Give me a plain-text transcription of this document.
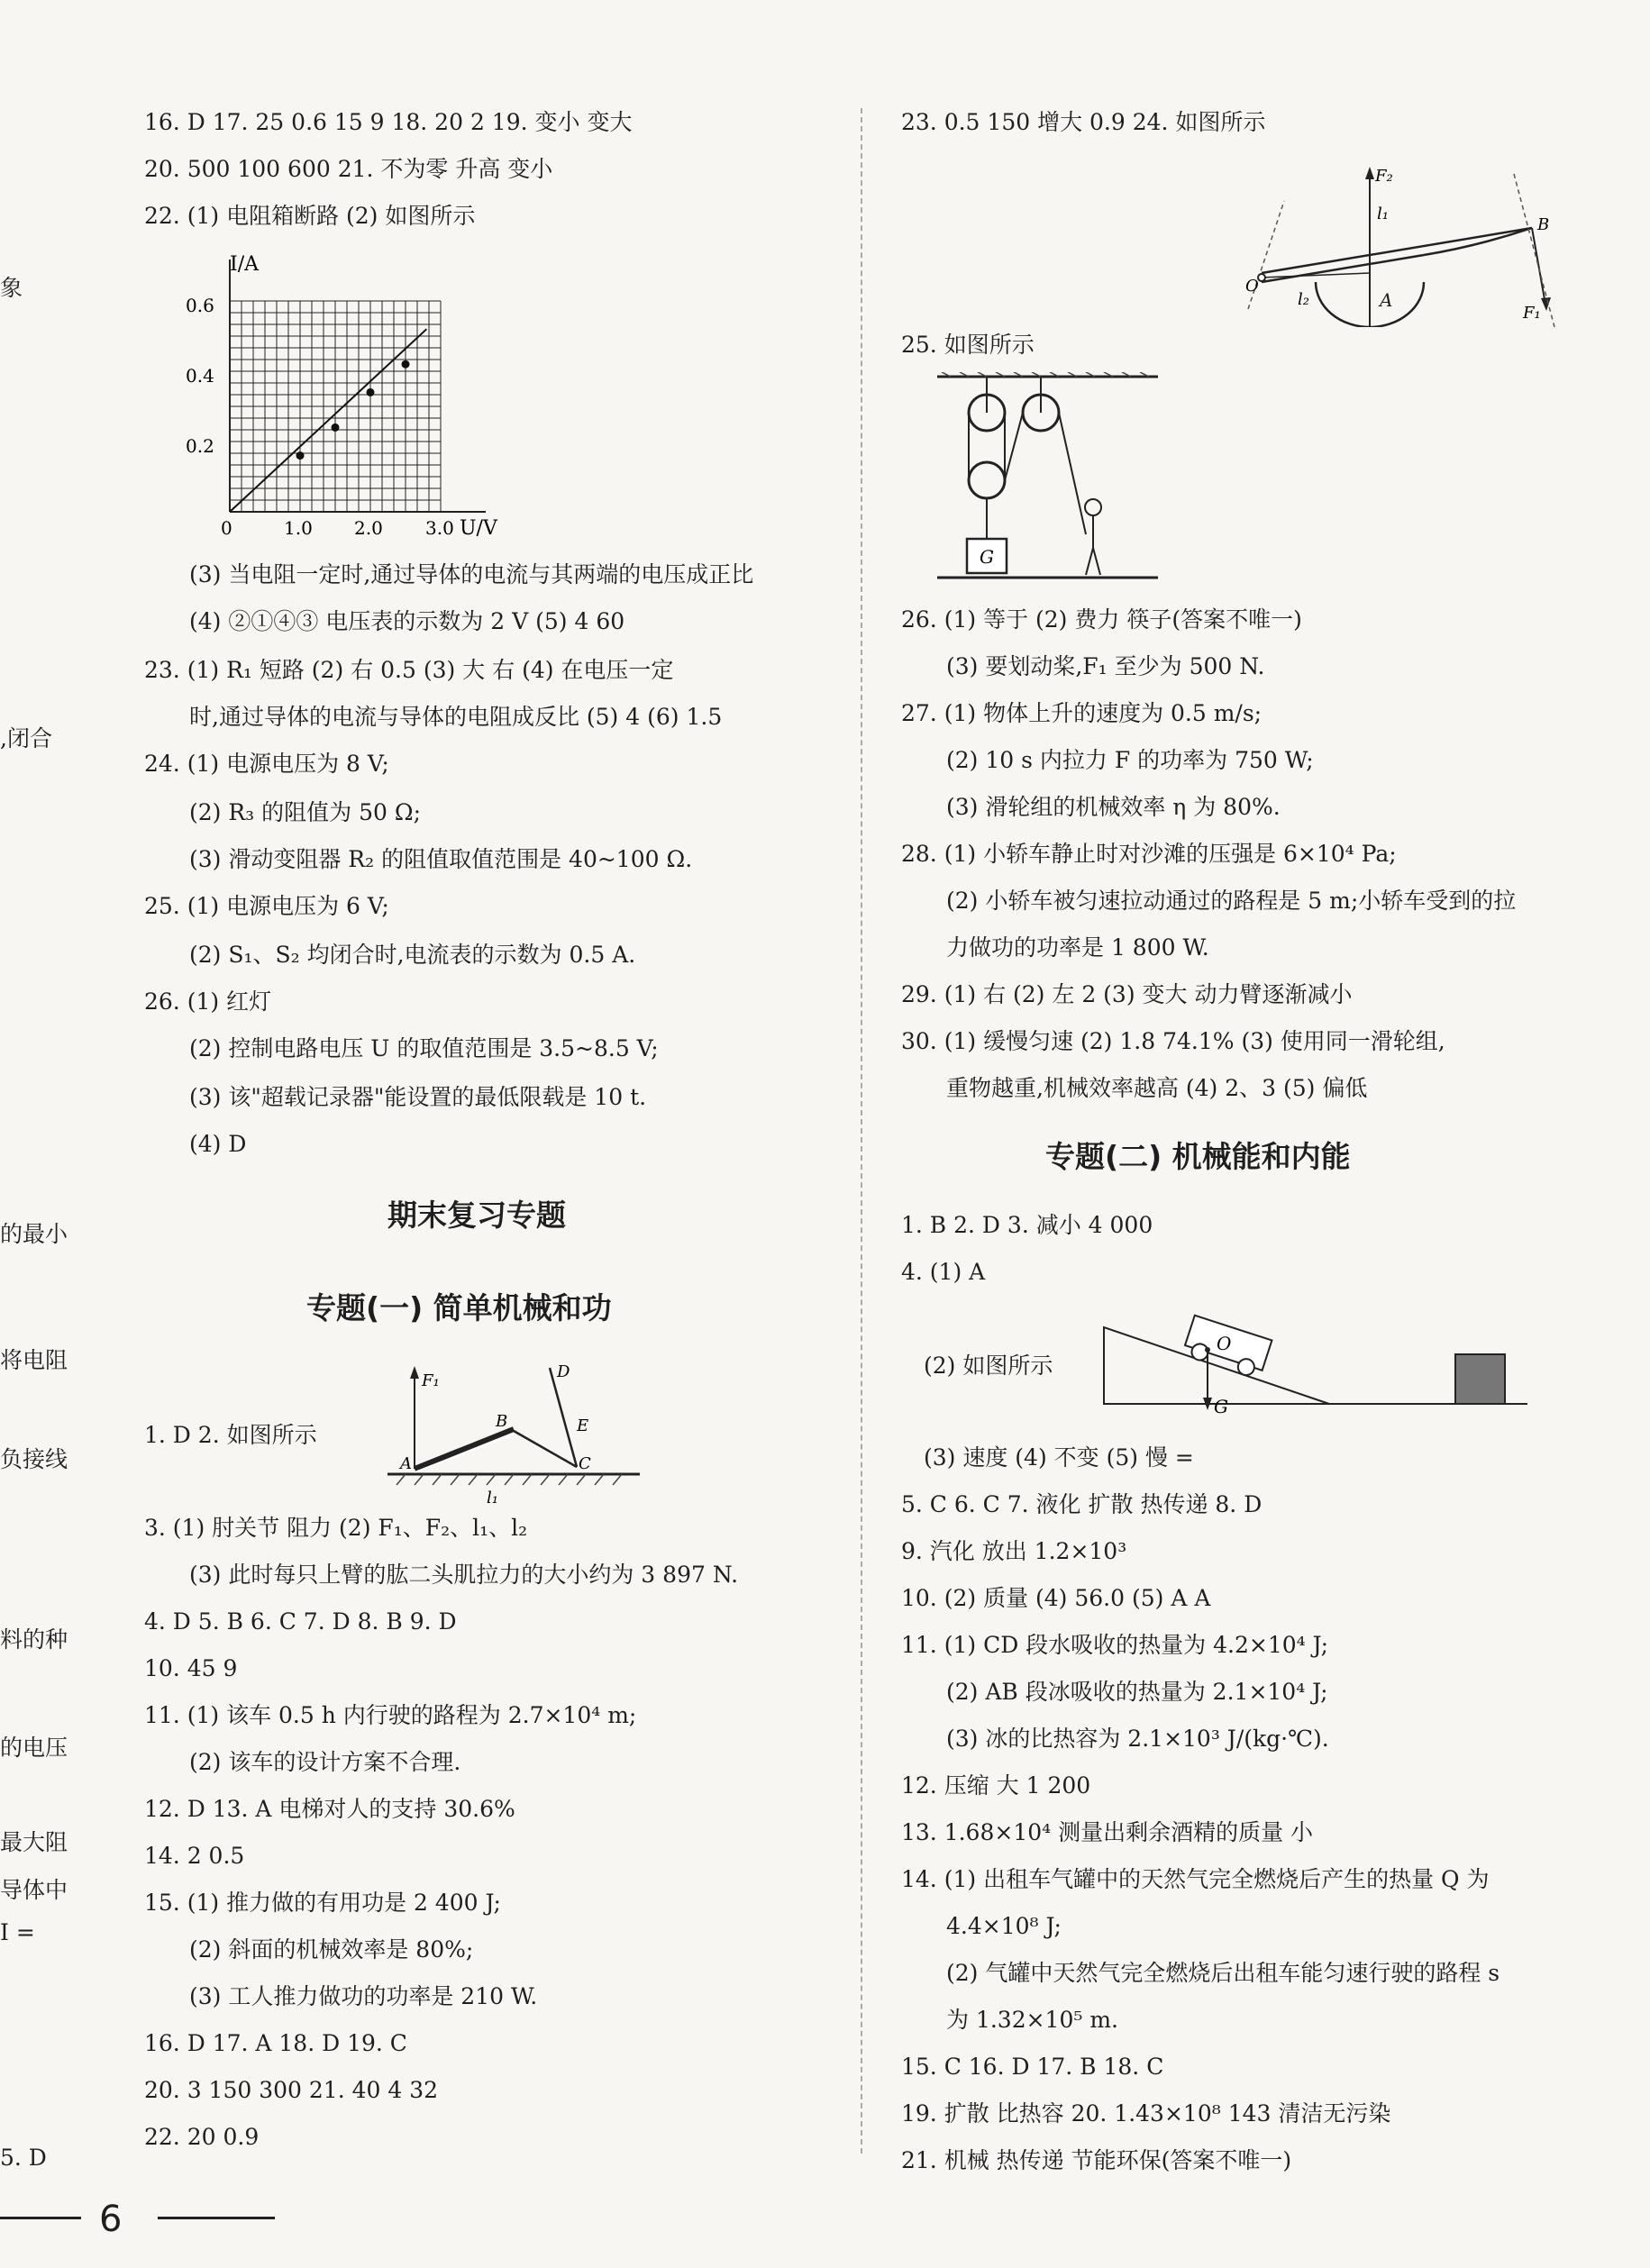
象
,闭合
的最小
将电阻
负接线
料的种
的电压
最大阻
导体中
I =
5. D
16. D 17. 25 0.6 15 9 18. 20 2 19. 变小 变大
20. 500 100 600 21. 不为零 升高 变小
22. (1) 电阻箱断路 (2) 如图所示
I/A
U/V
0.6
0.4
0.2
0	1.0 2.0 3.0
(3) 当电阻一定时,通过导体的电流与其两端的电压成正比
(4) ②①④③ 电压表的示数为 2 V (5) 4 60
23. (1) R₁ 短路 (2) 右 0.5 (3) 大 右 (4) 在电压一定
时,通过导体的电流与导体的电阻成反比 (5) 4 (6) 1.5
24. (1) 电源电压为 8 V;
(2) R₃ 的阻值为 50 Ω;
(3) 滑动变阻器 R₂ 的阻值取值范围是 40~100 Ω.
25. (1) 电源电压为 6 V;
(2) S₁、S₂ 均闭合时,电流表的示数为 0.5 A.
26. (1) 红灯
(2) 控制电路电压 U 的取值范围是 3.5~8.5 V;
(3) 该"超载记录器"能设置的最低限载是 10 t.
(4) D
期末复习专题
专题(一) 简单机械和功
1. D 2. 如图所示
F₁
A
B
C
D
E
l₁
3. (1) 肘关节 阻力 (2) F₁、F₂、l₁、l₂
(3) 此时每只上臂的肱二头肌拉力的大小约为 3 897 N.
4. D 5. B 6. C 7. D 8. B 9. D
10. 45 9
11. (1) 该车 0.5 h 内行驶的路程为 2.7×10⁴ m;
(2) 该车的设计方案不合理.
12. D 13. A 电梯对人的支持 30.6%
14. 2 0.5
15. (1) 推力做的有用功是 2 400 J;
(2) 斜面的机械效率是 80%;
(3) 工人推力做功的功率是 210 W.
16. D 17. A 18. D 19. C
20. 3 150 300 21. 40 4 32
22. 20 0.9
23. 0.5 150 增大 0.9 24. 如图所示
F₂
l₁
B
O
l₂
F₁
A
25. 如图所示
G
26. (1) 等于 (2) 费力 筷子(答案不唯一)
(3) 要划动桨,F₁ 至少为 500 N.
27. (1) 物体上升的速度为 0.5 m/s;
(2) 10 s 内拉力 F 的功率为 750 W;
(3) 滑轮组的机械效率 η 为 80%.
28. (1) 小轿车静止时对沙滩的压强是 6×10⁴ Pa;
(2) 小轿车被匀速拉动通过的路程是 5 m;小轿车受到的拉
力做功的功率是 1 800 W.
29. (1) 右 (2) 左 2 (3) 变大 动力臂逐渐减小
30. (1) 缓慢匀速 (2) 1.8 74.1% (3) 使用同一滑轮组,
重物越重,机械效率越高 (4) 2、3 (5) 偏低
专题(二) 机械能和内能
1. B 2. D 3. 减小 4 000
4. (1) A
(2) 如图所示
O
G
(3) 速度 (4) 不变 (5) 慢 =
5. C 6. C 7. 液化 扩散 热传递 8. D
9. 汽化 放出 1.2×10³
10. (2) 质量 (4) 56.0 (5) A A
11. (1) CD 段水吸收的热量为 4.2×10⁴ J;
(2) AB 段冰吸收的热量为 2.1×10⁴ J;
(3) 冰的比热容为 2.1×10³ J/(kg·℃).
12. 压缩 大 1 200
13. 1.68×10⁴ 测量出剩余酒精的质量 小
14. (1) 出租车气罐中的天然气完全燃烧后产生的热量 Q 为
4.4×10⁸ J;
(2) 气罐中天然气完全燃烧后出租车能匀速行驶的路程 s
为 1.32×10⁵ m.
15. C 16. D 17. B 18. C
19. 扩散 比热容 20. 1.43×10⁸ 143 清洁无污染
21. 机械 热传递 节能环保(答案不唯一)
6
